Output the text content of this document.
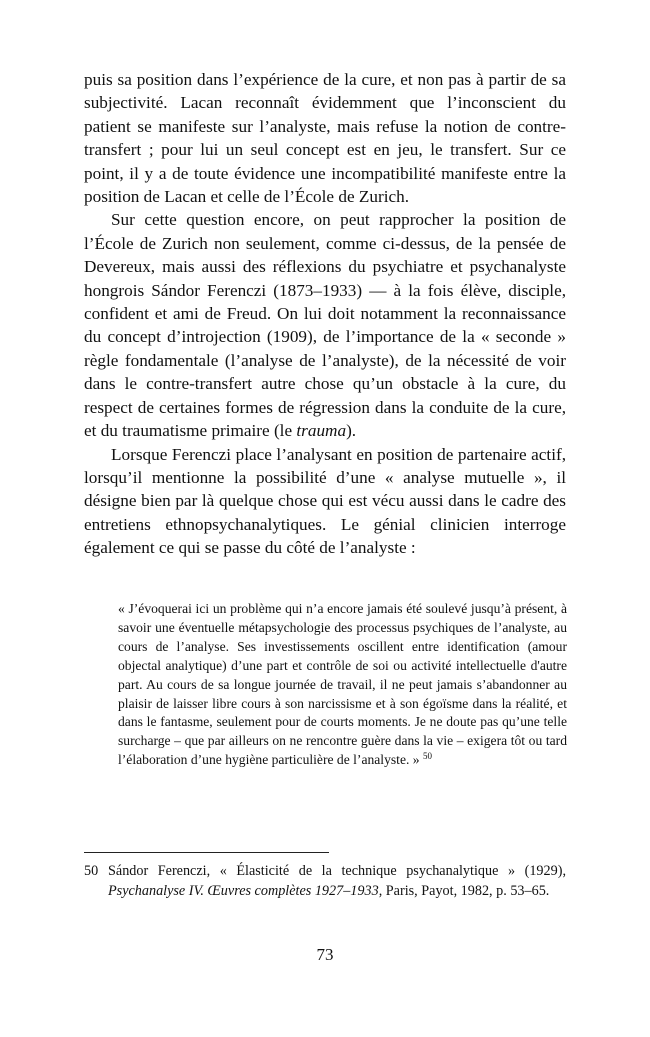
puis sa position dans l’expérience de la cure, et non pas à partir de sa subjectivité. Lacan reconnaît évidemment que l’inconscient du patient se manifeste sur l’analyste, mais refuse la notion de contre-transfert ; pour lui un seul concept est en jeu, le transfert. Sur ce point, il y a de toute évidence une incompatibilité manifeste entre la position de Lacan et celle de l’École de Zurich.

Sur cette question encore, on peut rapprocher la position de l’École de Zurich non seulement, comme ci-dessus, de la pensée de Devereux, mais aussi des réflexions du psychiatre et psychanalyste hongrois Sándor Ferenczi (1873–1933) — à la fois élève, disciple, confident et ami de Freud. On lui doit notamment la reconnaissance du concept d’introjection (1909), de l’importance de la « seconde » règle fondamentale (l’analyse de l’analyste), de la nécessité de voir dans le contre-transfert autre chose qu’un obstacle à la cure, du respect de certaines formes de régression dans la conduite de la cure, et du traumatisme primaire (le trauma).

Lorsque Ferenczi place l’analysant en position de partenaire actif, lorsqu’il mentionne la possibilité d’une « analyse mutuelle », il désigne bien par là quelque chose qui est vécu aussi dans le cadre des entretiens ethnopsychanalytiques. Le génial clinicien interroge également ce qui se passe du côté de l’analyste :

« J’évoquerai ici un problème qui n’a encore jamais été soulevé jusqu’à présent, à savoir une éventuelle métapsychologie des processus psychiques de l’analyste, au cours de l’analyse. Ses investissements oscillent entre identification (amour objectal analytique) d’une part et contrôle de soi ou activité intellectuelle d'autre part. Au cours de sa longue journée de travail, il ne peut jamais s’abandonner au plaisir de laisser libre cours à son narcissisme et à son égoïsme dans la réalité, et dans le fantasme, seulement pour de courts moments. Je ne doute pas qu’une telle surcharge – que par ailleurs on ne rencontre guère dans la vie – exigera tôt ou tard l’élaboration d’une hygiène particulière de l’analyste. » $^{50}$

50 Sándor Ferenczi, « Élasticité de la technique psychanalytique » (1929), Psychanalyse IV. Œuvres complètes 1927–1933, Paris, Payot, 1982, p. 53–65.
73
